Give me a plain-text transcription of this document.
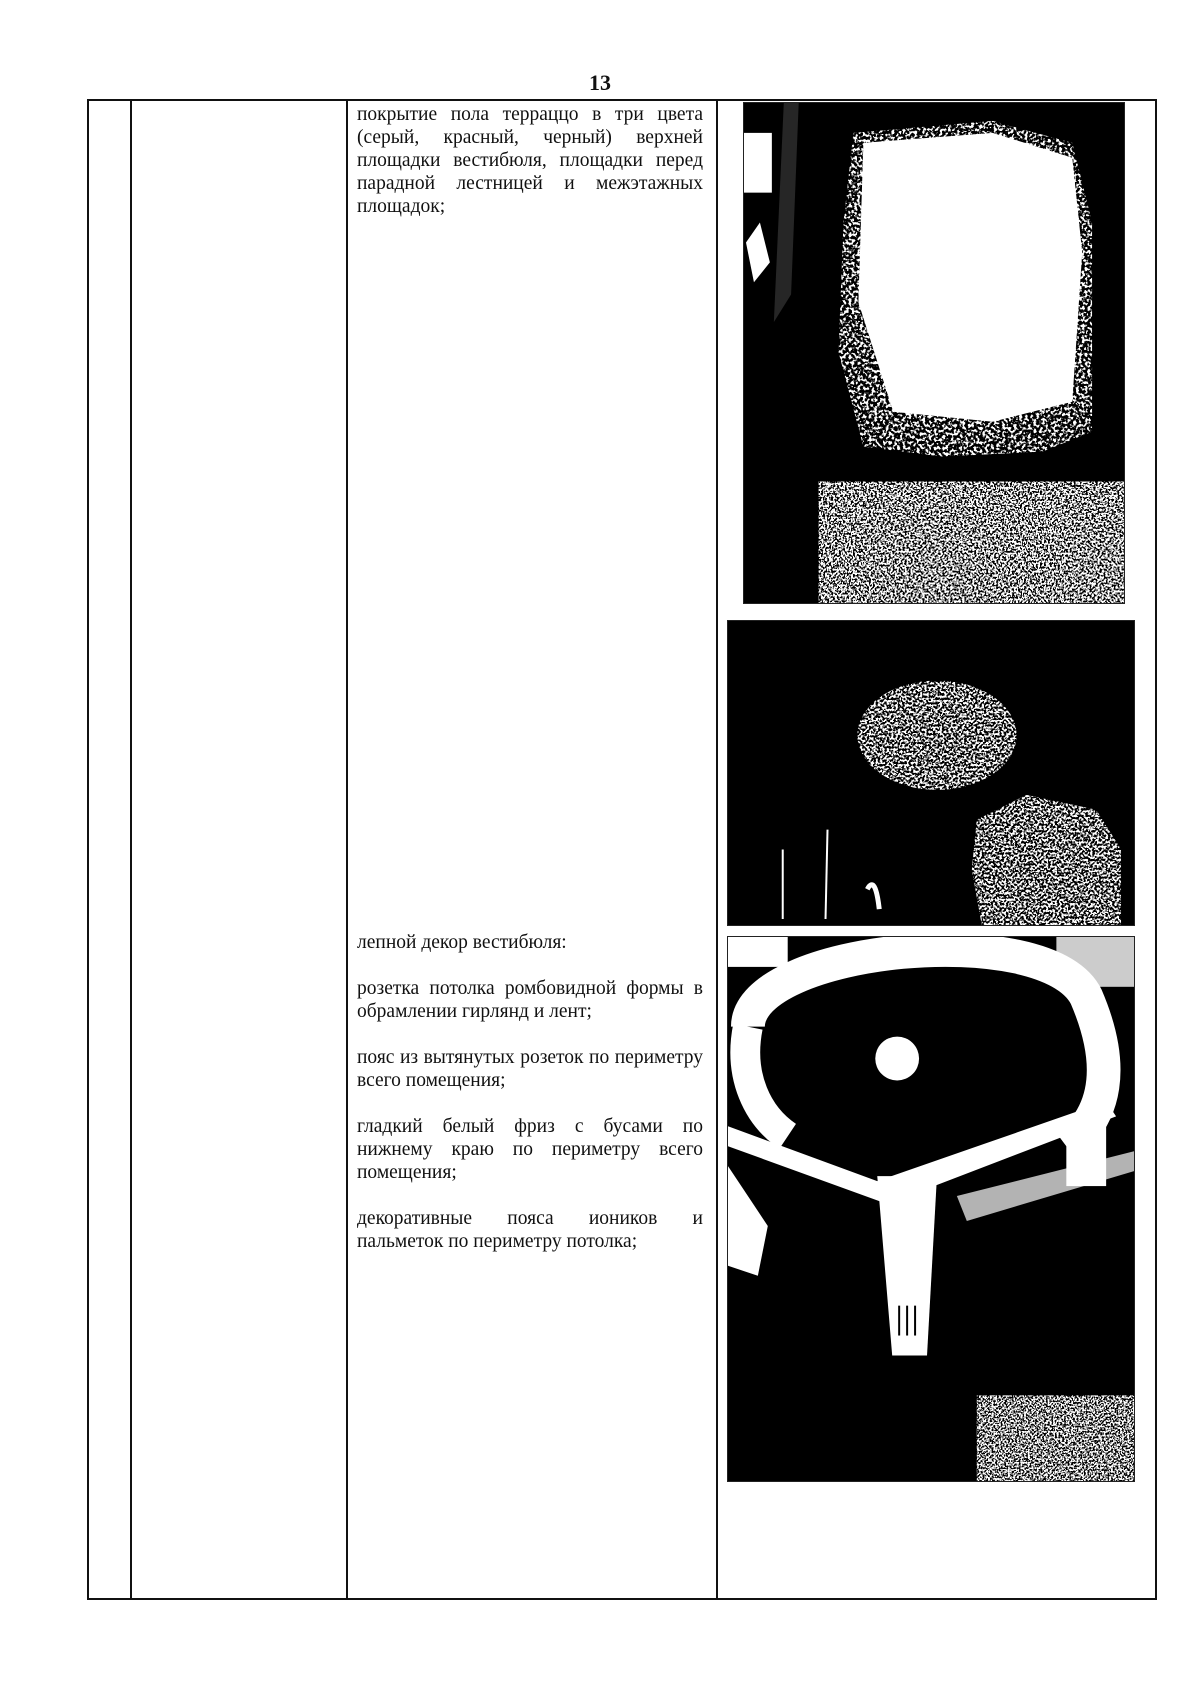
13

покрытие пола терраццо в три цвета (серый, красный, черный) верхней площадки вестибюля, площадки перед парадной лестницей и межэтажных площадок;

лепной декор вестибюля:

розетка потолка ромбовидной формы в обрамлении гирлянд и лент;

пояс из вытянутых розеток по периметру всего помещения;

гладкий белый фриз с бусами по нижнему краю по периметру всего помещения;

декоративные пояса иоников и пальметок по периметру потолка;
